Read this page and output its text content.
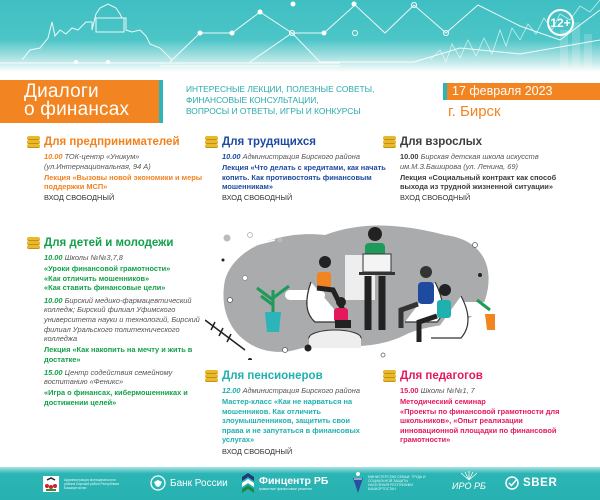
12+
Диалоги
о финансах
ИНТЕРЕСНЫЕ ЛЕКЦИИ, ПОЛЕЗНЫЕ СОВЕТЫ,
ФИНАНСОВЫЕ КОНСУЛЬТАЦИИ,
ВОПРОСЫ И ОТВЕТЫ, ИГРЫ И КОНКУРСЫ
17 февраля 2023
г. Бирск
Для предпринимателей

10.00 ТОК-центр «Уникум» (ул.Интернациональная, 94 А)

Лекция «Вызовы новой экономики и меры поддержки МСП»

ВХОД СВОБОДНЫЙ

Для трудящихся

10.00 Администрация Бирского района

Лекция «Что делать с кредитами, как начать копить. Как противостоять финансовым мошенникам»

ВХОД СВОБОДНЫЙ

Для взрослых

10.00 Бирская детская школа искусств им.М.З.Баширова (ул. Ленина, 69)

Лекция «Социальный контракт как способ выхода из трудной жизненной ситуации»

ВХОД СВОБОДНЫЙ

Для детей и молодежи

10.00 Школы №№3,7,8

«Уроки финансовой грамотности»

«Как отличить мошенников»

«Как ставить финансовые цели»

10.00 Бирский медико-фармацевтический колледж; Бирский филиал Уфимского университета науки и технологий, Бирский филиал Уральского политехнического колледжа

Лекция «Как накопить на мечту и жить в достатке»

15.00 Центр содействия семейному воспитанию «Феникс»

«Игра о финансах, кибермошенниках и достижении целей»

Для пенсионеров

12.00 Администрация Бирского района

Мастер-класс «Как не нарваться на мошенников. Как отличить злоумышленников, защитить свои права и не запутаться в финансовых услугах»

ВХОД СВОБОДНЫЙ

Для педагогов

15.00 Школы №№1, 7

Методический семинар

«Проекты по финансовой грамотности для школьников», «Опыт реализации инновационной площадки по финансовой грамотности»

Администрация муниципального района Бирский район Республики Башкортостан	Банк России	Финцентр РБ
грамотные финансовые решения
МИНИСТЕРСТВО СЕМЬИ, ТРУДА И СОЦИАЛЬНОЙ ЗАЩИТЫ НАСЕЛЕНИЯ РЕСПУБЛИКИ БАШКОРТОСТАН	ИРО РБ	SBER
